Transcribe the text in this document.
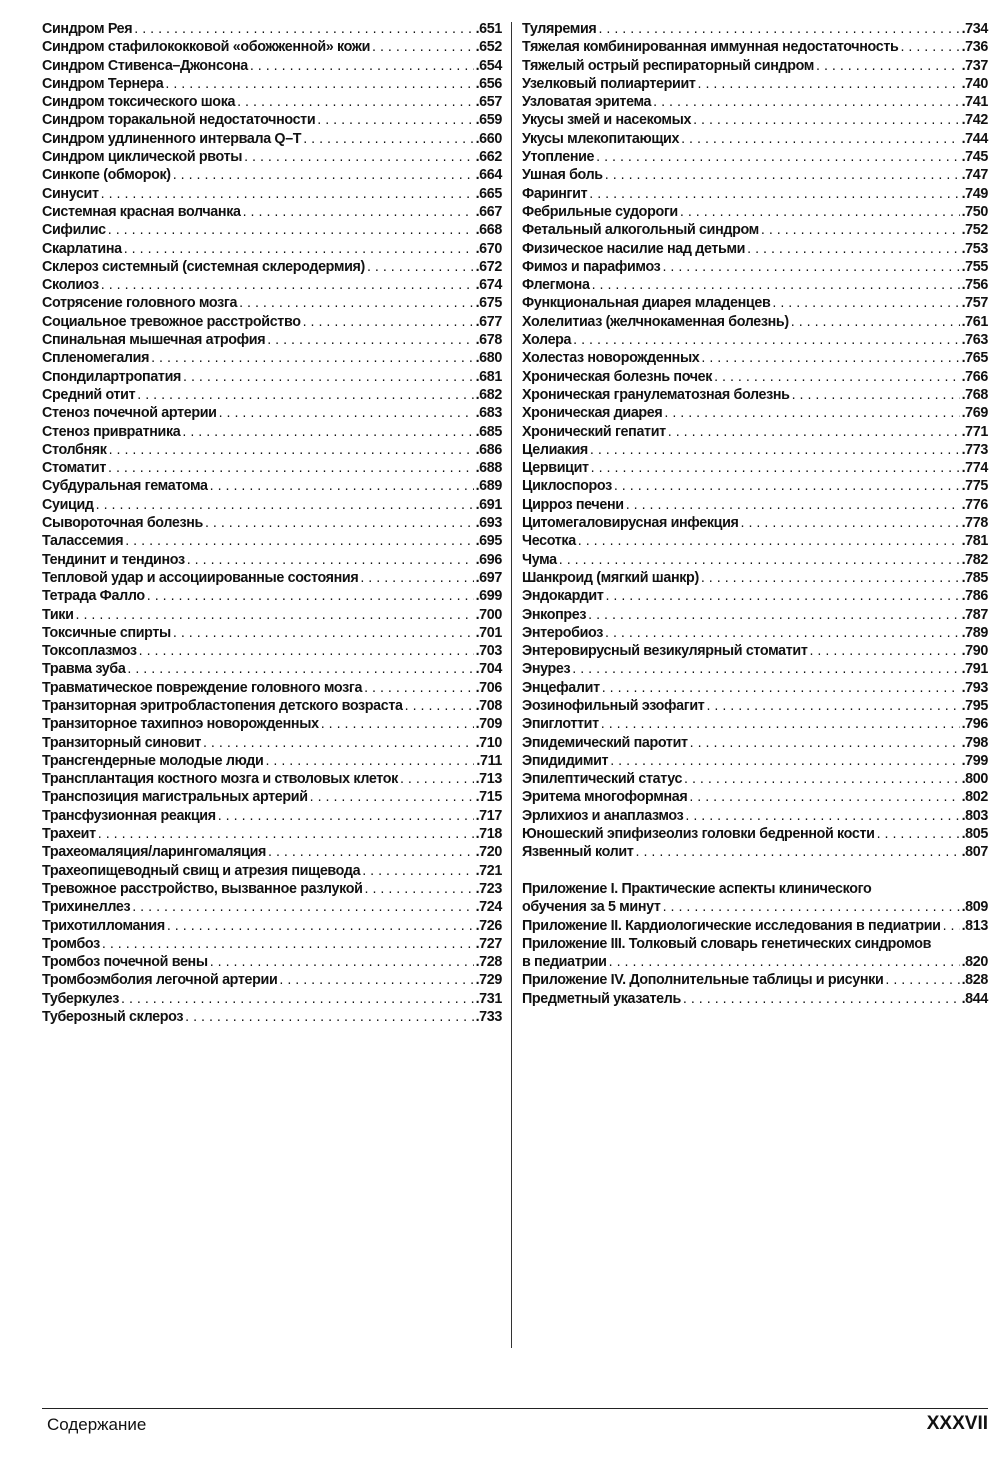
Синдром Рея . . .	.651
Синдром стафилококковой «обожженной» кожи . . .	.652
Синдром Стивенса–Джонсона . . .	.654
Синдром Тернера . . .	.656
Синдром токсического шока . . .	.657
Синдром торакальной недостаточности . . .	.659
Синдром удлиненного интервала Q–T . . .	.660
Синдром циклической рвоты . . .	.662
Синкопе (обморок) . . .	.664
Синусит . . .	.665
Системная красная волчанка . . .	.667
Сифилис . . .	.668
Скарлатина . . .	.670
Склероз системный (системная склеродермия) . . .	.672
Сколиоз . . .	.674
Сотрясение головного мозга . . .	.675
Социальное тревожное расстройство . . .	.677
Спинальная мышечная атрофия . . .	.678
Спленомегалия . . .	.680
Спондилартропатия . . .	.681
Средний отит . . .	.682
Стеноз почечной артерии . . .	.683
Стеноз привратника . . .	.685
Столбняк . . .	.686
Стоматит . . .	.688
Субдуральная гематома . . .	.689
Суицид . . .	.691
Сывороточная болезнь . . .	.693
Талассемия . . .	.695
Тендинит и тендиноз . . .	.696
Тепловой удар и ассоциированные состояния . . .	.697
Тетрада Фалло . . .	.699
Тики . . .	.700
Токсичные спирты . . .	.701
Токсоплазмоз . . .	.703
Травма зуба . . .	.704
Травматическое повреждение головного мозга . . .	.706
Транзиторная эритробластопения детского возраста . . .	.708
Транзиторное тахипноэ новорожденных . . .	.709
Транзиторный синовит . . .	.710
Трансгендерные молодые люди . . .	.711
Трансплантация костного мозга и стволовых клеток . . .	.713
Транспозиция магистральных артерий . . .	.715
Трансфузионная реакция . . .	.717
Трахеит . . .	.718
Трахеомаляция/ларингомаляция . . .	.720
Трахеопищеводный свищ и атрезия пищевода . . .	.721
Тревожное расстройство, вызванное разлукой . . .	.723
Трихинеллез . . .	.724
Трихотилломания . . .	.726
Тромбоз . . .	.727
Тромбоз почечной вены . . .	.728
Тромбоэмболия легочной артерии . . .	.729
Туберкулез . . .	.731
Туберозный склероз . . .	.733
Туляремия . . .	.734
Тяжелая комбинированная иммунная недостаточность . . .	.736
Тяжелый острый респираторный синдром . . .	.737
Узелковый полиартериит . . .	.740
Узловатая эритема . . .	.741
Укусы змей и насекомых . . .	.742
Укусы млекопитающих . . .	.744
Утопление . . .	.745
Ушная боль . . .	.747
Фарингит . . .	.749
Фебрильные судороги . . .	.750
Фетальный алкогольный синдром . . .	.752
Физическое насилие над детьми . . .	.753
Фимоз и парафимоз . . .	.755
Флегмона . . .	.756
Функциональная диарея младенцев . . .	.757
Холелитиаз (желчнокаменная болезнь) . . .	.761
Холера . . .	.763
Холестаз новорожденных . . .	.765
Хроническая болезнь почек . . .	.766
Хроническая гранулематозная болезнь . . .	.768
Хроническая диарея . . .	.769
Хронический гепатит . . .	.771
Целиакия . . .	.773
Цервицит . . .	.774
Циклоспороз . . .	.775
Цирроз печени . . .	.776
Цитомегаловирусная инфекция . . .	.778
Чесотка . . .	.781
Чума . . .	.782
Шанкроид (мягкий шанкр) . . .	.785
Эндокардит . . .	.786
Энкопрез . . .	.787
Энтеробиоз . . .	.789
Энтеровирусный везикулярный стоматит . . .	.790
Энурез . . .	.791
Энцефалит . . .	.793
Эозинофильный эзофагит . . .	.795
Эпиглоттит . . .	.796
Эпидемический паротит . . .	.798
Эпидидимит . . .	.799
Эпилептический статус . . .	.800
Эритема многоформная . . .	.802
Эрлихиоз и анаплазмоз . . .	.803
Юношеский эпифизеолиз головки бедренной кости . . .	.805
Язвенный колит . . .	.807
Приложение I. Практические аспекты клинического
обучения за 5 минут . . .	.809
Приложение II. Кардиологические исследования в педиатрии . . . .813
Приложение III. Толковый словарь генетических синдромов
в педиатрии . . .	.820
Приложение IV. Дополнительные таблицы и рисунки . . .	.828
Предметный указатель . . .	.844
Содержание	XXXVII
